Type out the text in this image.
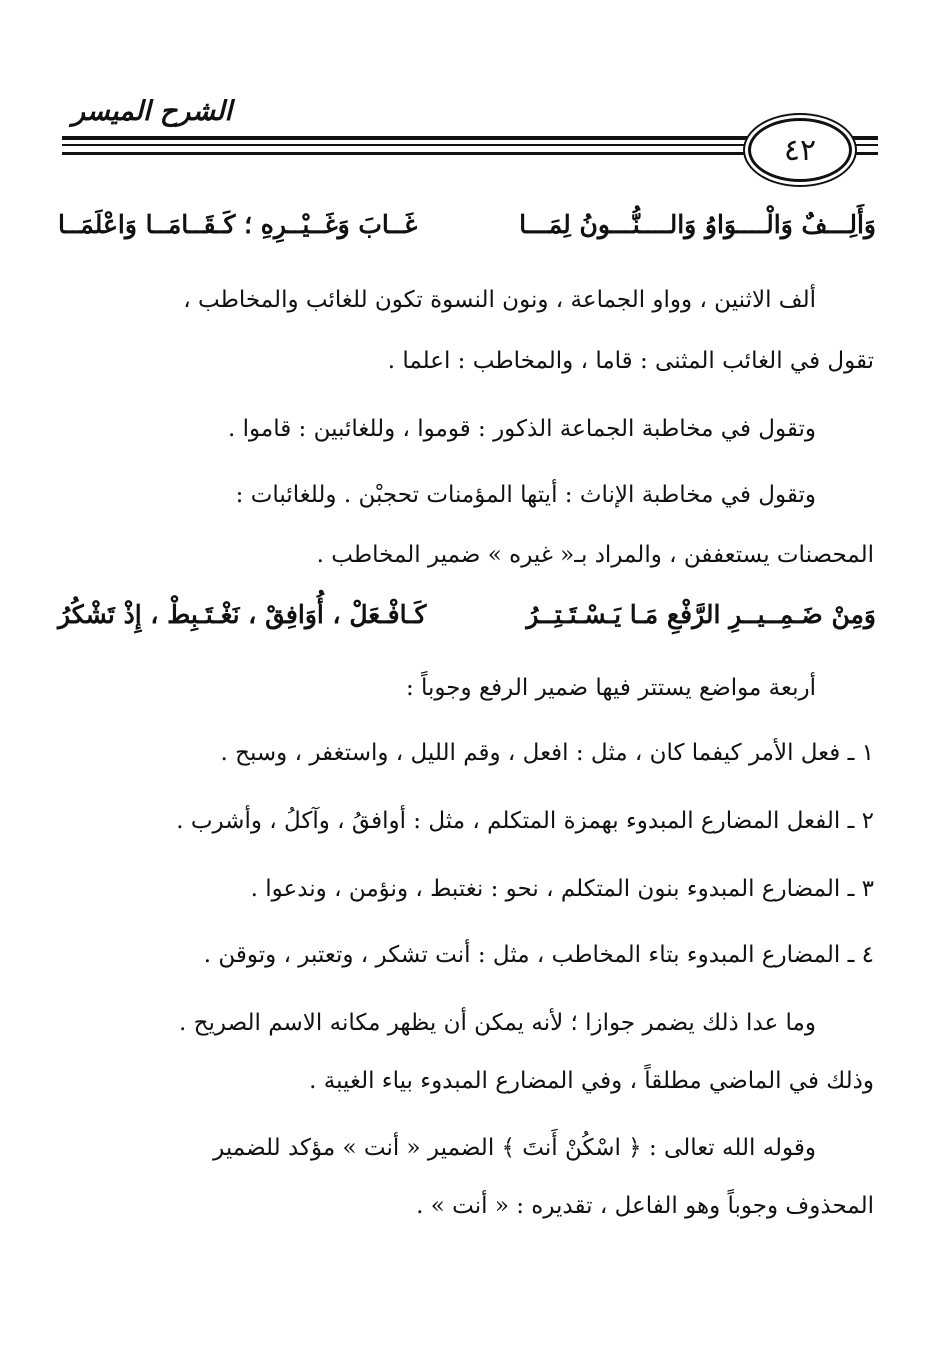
الشرح الميسر
٤٢
وَأَلِـــفٌ وَالْــــوَاوُ وَالــــنُّـــونُ لِمَـــا
غَــابَ وَغَــيْــرِهِ ؛ كَـقَــامَــا وَاعْلَمَــا
ألف الاثنين ، وواو الجماعة ، ونون النسوة تكون للغائب والمخاطب ،
تقول في الغائب المثنى : قاما ، والمخاطب : اعلما .
وتقول في مخاطبة الجماعة الذكور : قوموا ، وللغائبين : قاموا .
وتقول في مخاطبة الإناث : أيتها المؤمنات تحجبْن . وللغائبات :
المحصنات يستعففن ، والمراد بـ« غيره » ضمير المخاطب .
وَمِنْ ضَـمِــيــرِ الرَّفْعِ مَـا يَـسْـتَـتِــرُ
كَـافْـعَلْ ، أُوَافِقْ ، نَغْـتَـبِطْ ، إِذْ تَشْكُرُ
أربعة مواضع يستتر فيها ضمير الرفع وجوباً :
١ ـ فعل الأمر كيفما كان ، مثل : افعل ، وقم الليل ، واستغفر ، وسبح .
٢ ـ الفعل المضارع المبدوء بهمزة المتكلم ، مثل : أوافقُ ، وآكلُ ، وأشرب .
٣ ـ المضارع المبدوء بنون المتكلم ، نحو : نغتبط ، ونؤمن ، وندعوا .
٤ ـ المضارع المبدوء بتاء المخاطب ، مثل : أنت تشكر ، وتعتبر ، وتوقن .
وما عدا ذلك يضمر جوازا ؛ لأنه يمكن أن يظهر مكانه الاسم الصريح .
وذلك في الماضي مطلقاً ، وفي المضارع المبدوء بياء الغيبة .
وقوله الله تعالى : ﴿ اسْكُنْ أَنتَ ﴾ الضمير « أنت » مؤكد للضمير
المحذوف وجوباً وهو الفاعل ، تقديره : « أنت » .
